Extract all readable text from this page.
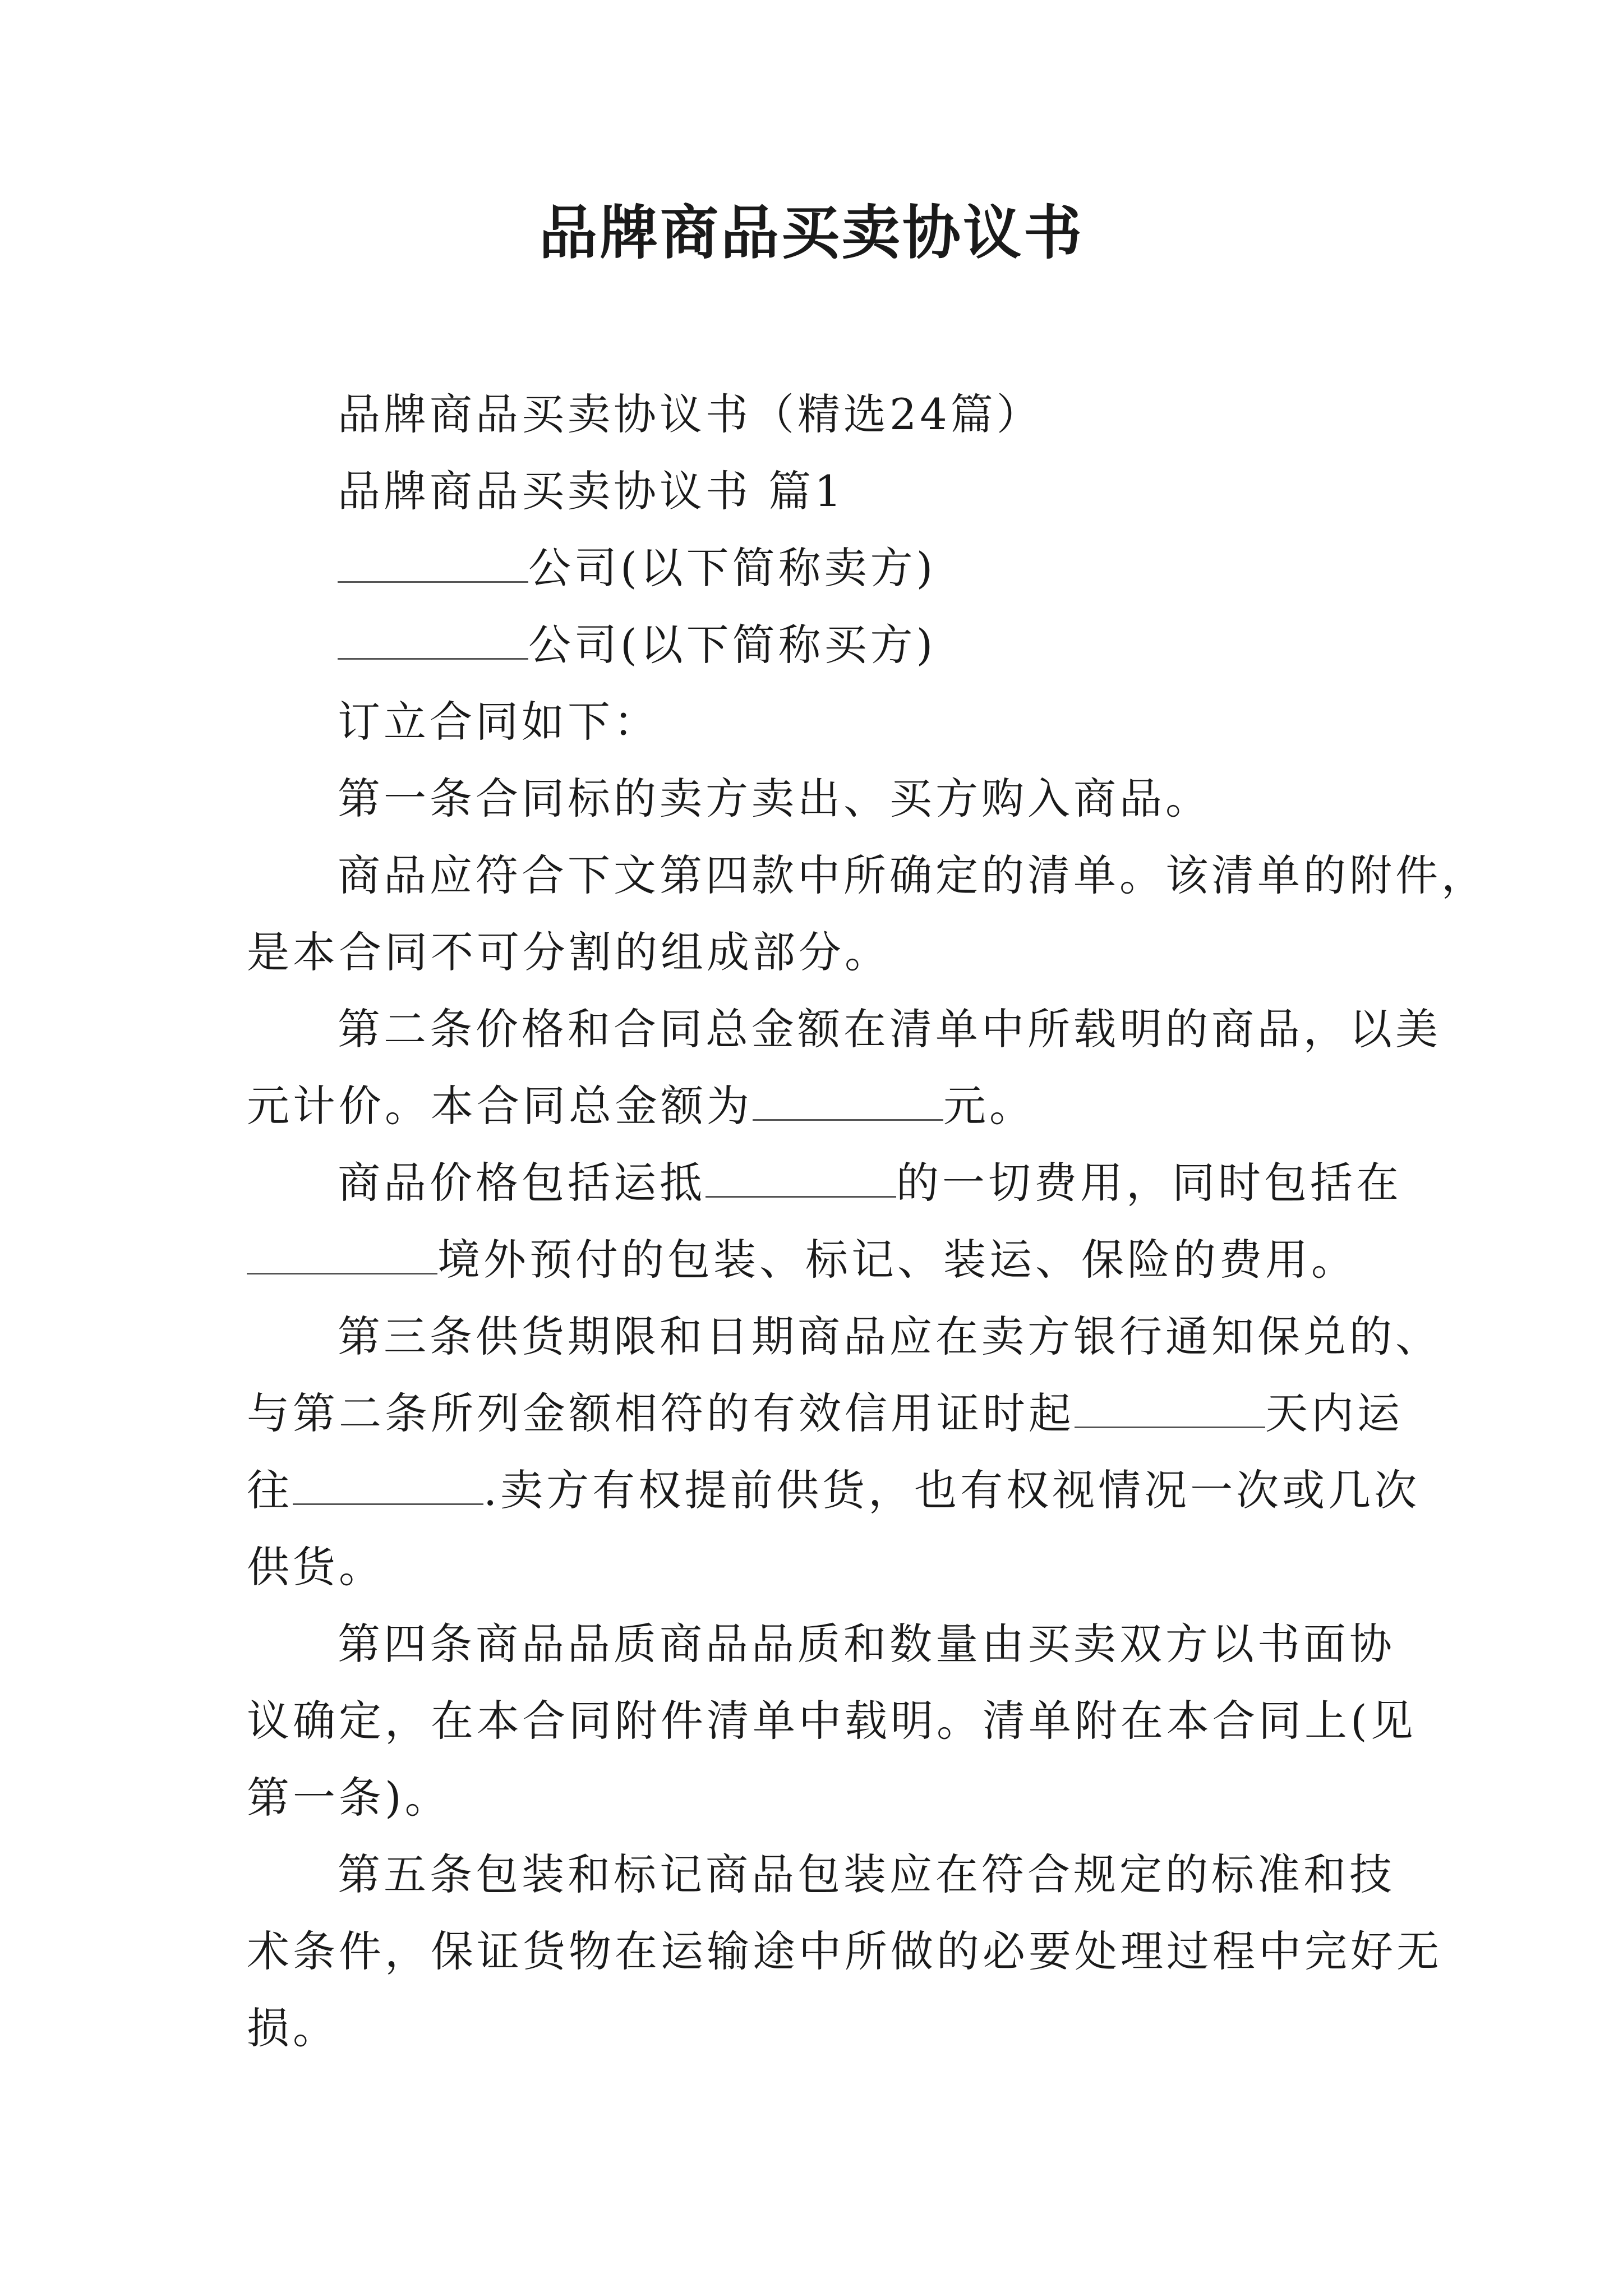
品牌商品买卖协议书
品牌商品买卖协议书（精选24篇）
品牌商品买卖协议书 篇1
公司(以下简称卖方)
公司(以下简称买方)
订立合同如下：
第一条合同标的卖方卖出、买方购入商品。
商品应符合下文第四款中所确定的清单。该清单的附件，
是本合同不可分割的组成部分。
第二条价格和合同总金额在清单中所载明的商品，以美
元计价。本合同总金额为	元。
商品价格包括运抵	的一切费用，同时包括在
境外预付的包装、标记、装运、保险的费用。
第三条供货期限和日期商品应在卖方银行通知保兑的、
与第二条所列金额相符的有效信用证时起	天内运
往	.卖方有权提前供货，也有权视情况一次或几次
供货。
第四条商品品质商品品质和数量由买卖双方以书面协
议确定，在本合同附件清单中载明。清单附在本合同上(见
第一条)。
第五条包装和标记商品包装应在符合规定的标准和技
术条件，保证货物在运输途中所做的必要处理过程中完好无
损。
